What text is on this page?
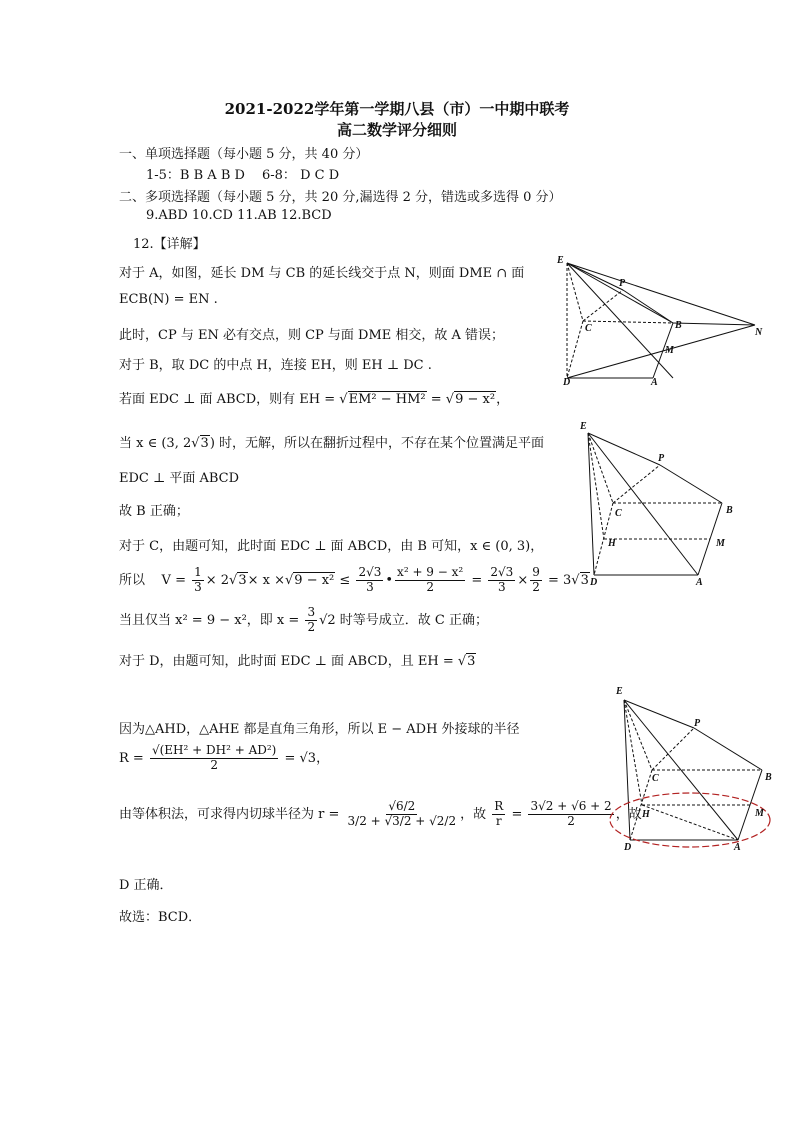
2021-2022学年第一学期八县（市）一中期中联考
高二数学评分细则
一、单项选择题（每小题 5 分，共 40 分）
1-5：B B A B D 6-8： D C D
二、多项选择题（每小题 5 分，共 20 分,漏选得 2 分，错选或多选得 0 分）
9.ABD 10.CD 11.AB 12.BCD
12.【详解】
对于 A，如图，延长 DM 与 CB 的延长线交于点 N，则面 DME ∩ 面
ECB(N) = EN .
此时，CP 与 EN 必有交点，则 CP 与面 DME 相交，故 A 错误；
对于 B，取 DC 的中点 H，连接 EH，则 EH ⊥ DC .
若面 EDC ⊥ 面 ABCD，则有 EH = √EM² − HM² = √9 − x²，
当 x ∈ (3, 2√3) 时，无解，所以在翻折过程中，不存在某个位置满足平面
EDC ⊥ 平面 ABCD
故 B 正确；
对于 C，由题可知，此时面 EDC ⊥ 面 ABCD，由 B 可知，x ∈ (0, 3)，
所以 $V = \frac{1}{3} \times 2√3\times x \times√9 - x^2 \le \frac{2√3}{3}$ • $\frac{\text{x² + 9 − x²}}{2} = \frac{2√3}{3} \times \frac{9}{2} = 3√3$
当且仅当 x² = 9 − x²，即 $x = \frac{3}{2} √2$ 时等号成立．故 C 正确；
对于 D，由题可知，此时面 EDC ⊥ 面 ABCD，且 EH = √3
因为△AHD，△AHE 都是直角三角形，所以 E − ADH 外接球的半径
$R = \frac{\text{√(EH² + DH² + AD²)}}{2} = √3$，
由等体积法，可求得内切球半径为 $r = \frac{√6/2}{3/2 + √3/2 + √2/2}$ ，故 $\frac{R}{r} = \frac{3√2 + √6 + 2}{2}$ ，故
D 正确．
故选：BCD．
E
P
C	B
N
M
D	A
E
P
C	B
H	M
D	A
E
P
C	B
H	M
D	A
